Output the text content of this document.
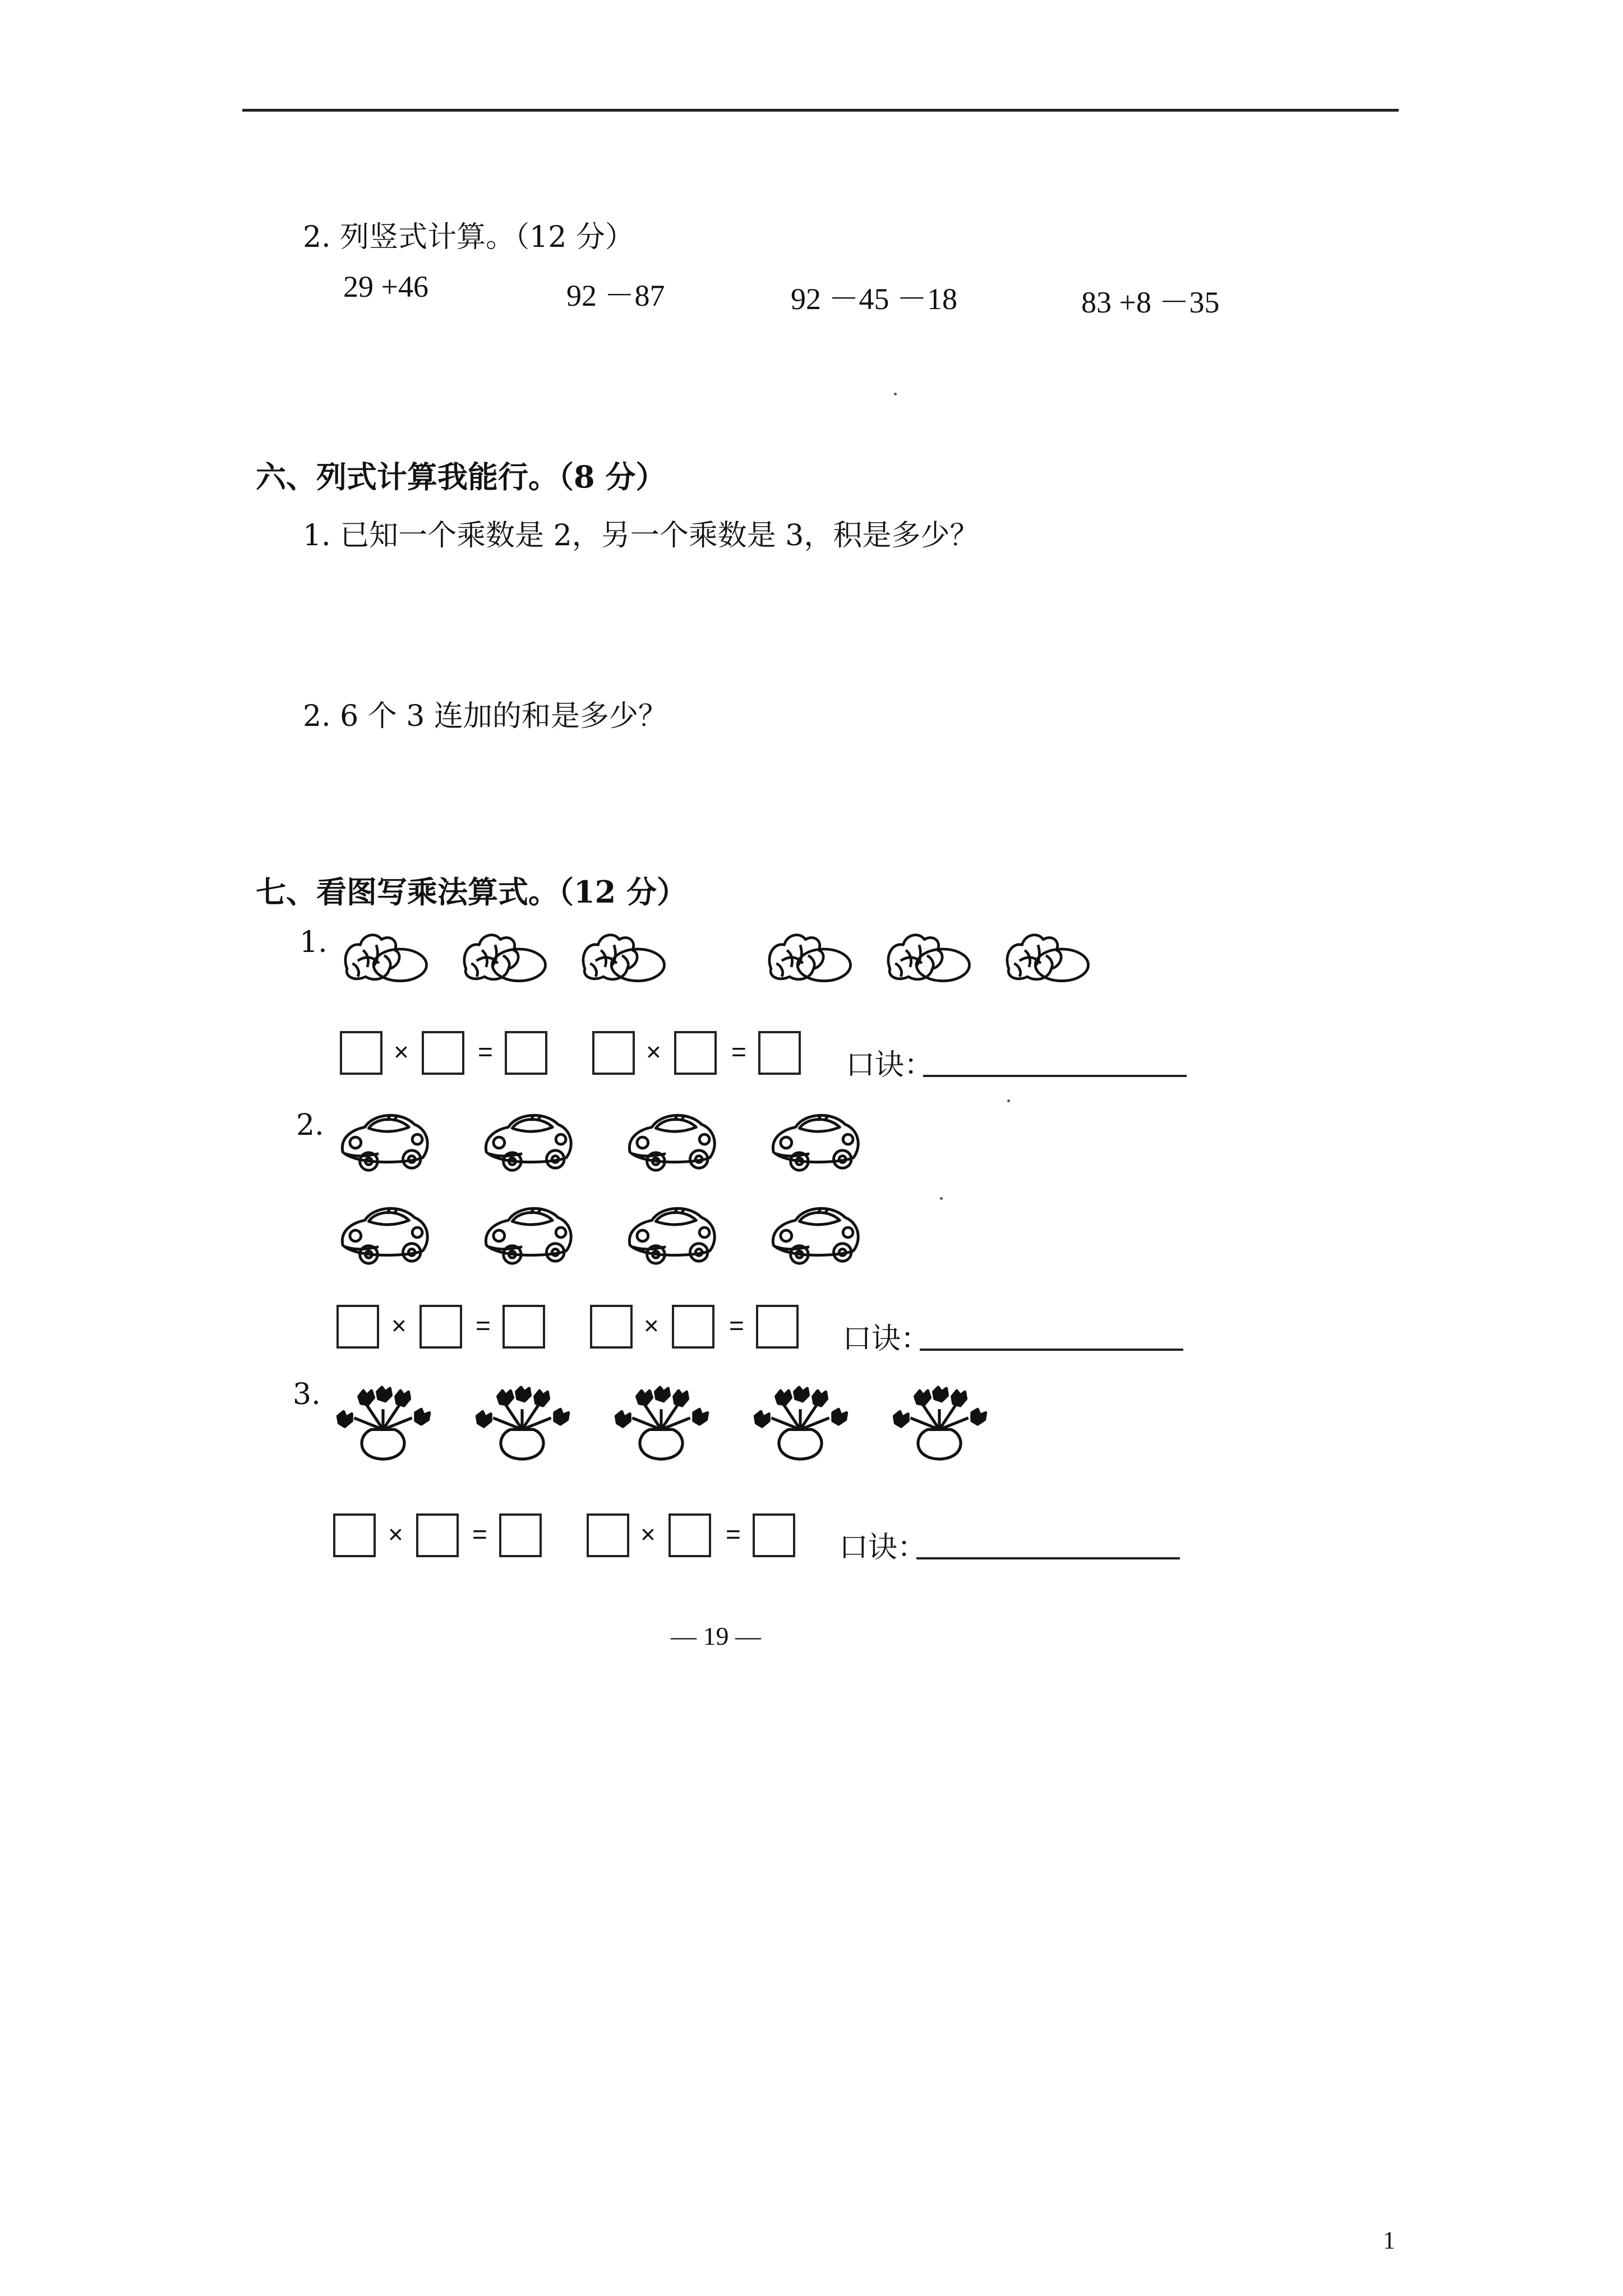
2. 列竖式计算。（12 分）
29 +46	92 －87	92 －45 －18	83 +8 －35
六、列式计算我能行。（8 分）
1. 已知一个乘数是 2，另一个乘数是 3，积是多少？
2. 6 个 3 连加的和是多少？
七、看图写乘法算式。（12 分）
1.
×	=	×	=	口诀：
2.
×	=	×	=	口诀：
3.
×	=	×	=	口诀：
— 19 —
1
